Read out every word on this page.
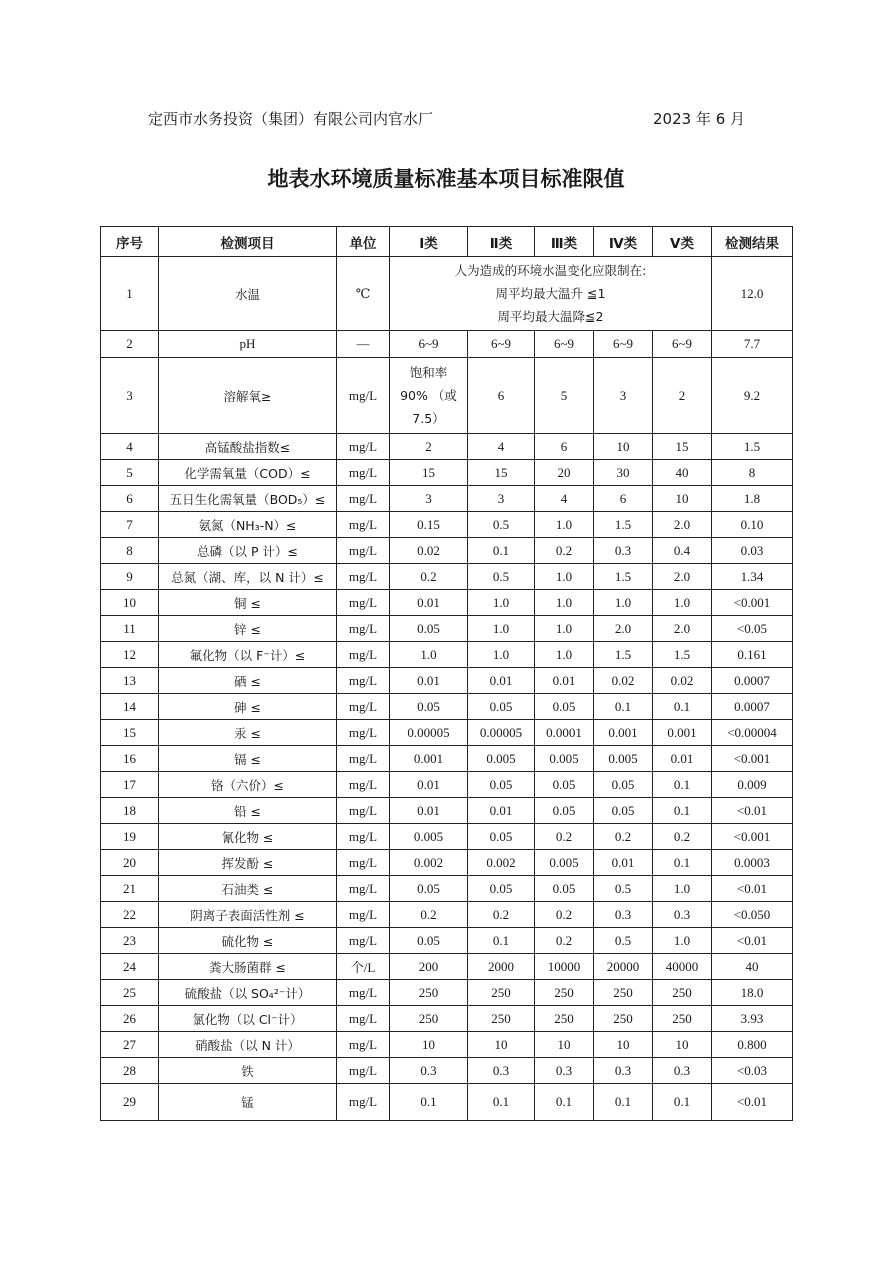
定西市水务投资（集团）有限公司内官水厂	2023 年 6 月
地表水环境质量标准基本项目标准限值
序号	检测项目	单位	Ⅰ类	Ⅱ类	Ⅲ类	Ⅳ类	Ⅴ类	检测结果
1	水温	℃	人为造成的环境水温变化应限制在:
周平均最大温升 ≦1
周平均最大温降≦2					12.0
2	pH	—	6~9	6~9	6~9	6~9	6~9	7.7
3	溶解氧≥	mg/L	饱和率
90% （或
7.5）	6	5	3	2	9.2
4	高锰酸盐指数≤	mg/L	2	4	6	10	15	1.5
5	化学需氧量（COD）≤	mg/L	15	15	20	30	40	8
6	五日生化需氧量（BOD₅）≤	mg/L	3	3	4	6	10	1.8
7	氨氮（NH₃-N）≤	mg/L	0.15	0.5	1.0	1.5	2.0	0.10
8	总磷（以 P 计）≤	mg/L	0.02	0.1	0.2	0.3	0.4	0.03
9	总氮（湖、库，以 N 计）≤	mg/L	0.2	0.5	1.0	1.5	2.0	1.34
10	铜 ≤	mg/L	0.01	1.0	1.0	1.0	1.0	<0.001
11	锌 ≤	mg/L	0.05	1.0	1.0	2.0	2.0	<0.05
12	氟化物（以 F⁻计）≤	mg/L	1.0	1.0	1.0	1.5	1.5	0.161
13	硒 ≤	mg/L	0.01	0.01	0.01	0.02	0.02	0.0007
14	砷 ≤	mg/L	0.05	0.05	0.05	0.1	0.1	0.0007
15	汞 ≤	mg/L	0.00005	0.00005	0.0001	0.001	0.001	<0.00004
16	镉 ≤	mg/L	0.001	0.005	0.005	0.005	0.01	<0.001
17	铬（六价）≤	mg/L	0.01	0.05	0.05	0.05	0.1	0.009
18	铅 ≤	mg/L	0.01	0.01	0.05	0.05	0.1	<0.01
19	氰化物 ≤	mg/L	0.005	0.05	0.2	0.2	0.2	<0.001
20	挥发酚 ≤	mg/L	0.002	0.002	0.005	0.01	0.1	0.0003
21	石油类 ≤	mg/L	0.05	0.05	0.05	0.5	1.0	<0.01
22	阴离子表面活性剂 ≤	mg/L	0.2	0.2	0.2	0.3	0.3	<0.050
23	硫化物 ≤	mg/L	0.05	0.1	0.2	0.5	1.0	<0.01
24	粪大肠菌群 ≤	个/L	200	2000	10000	20000	40000	40
25	硫酸盐（以 SO₄²⁻计）	mg/L	250	250	250	250	250	18.0
26	氯化物（以 Cl⁻计）	mg/L	250	250	250	250	250	3.93
27	硝酸盐（以 N 计）	mg/L	10	10	10	10	10	0.800
28	铁	mg/L	0.3	0.3	0.3	0.3	0.3	<0.03
29	锰	mg/L	0.1	0.1	0.1	0.1	0.1	<0.01
